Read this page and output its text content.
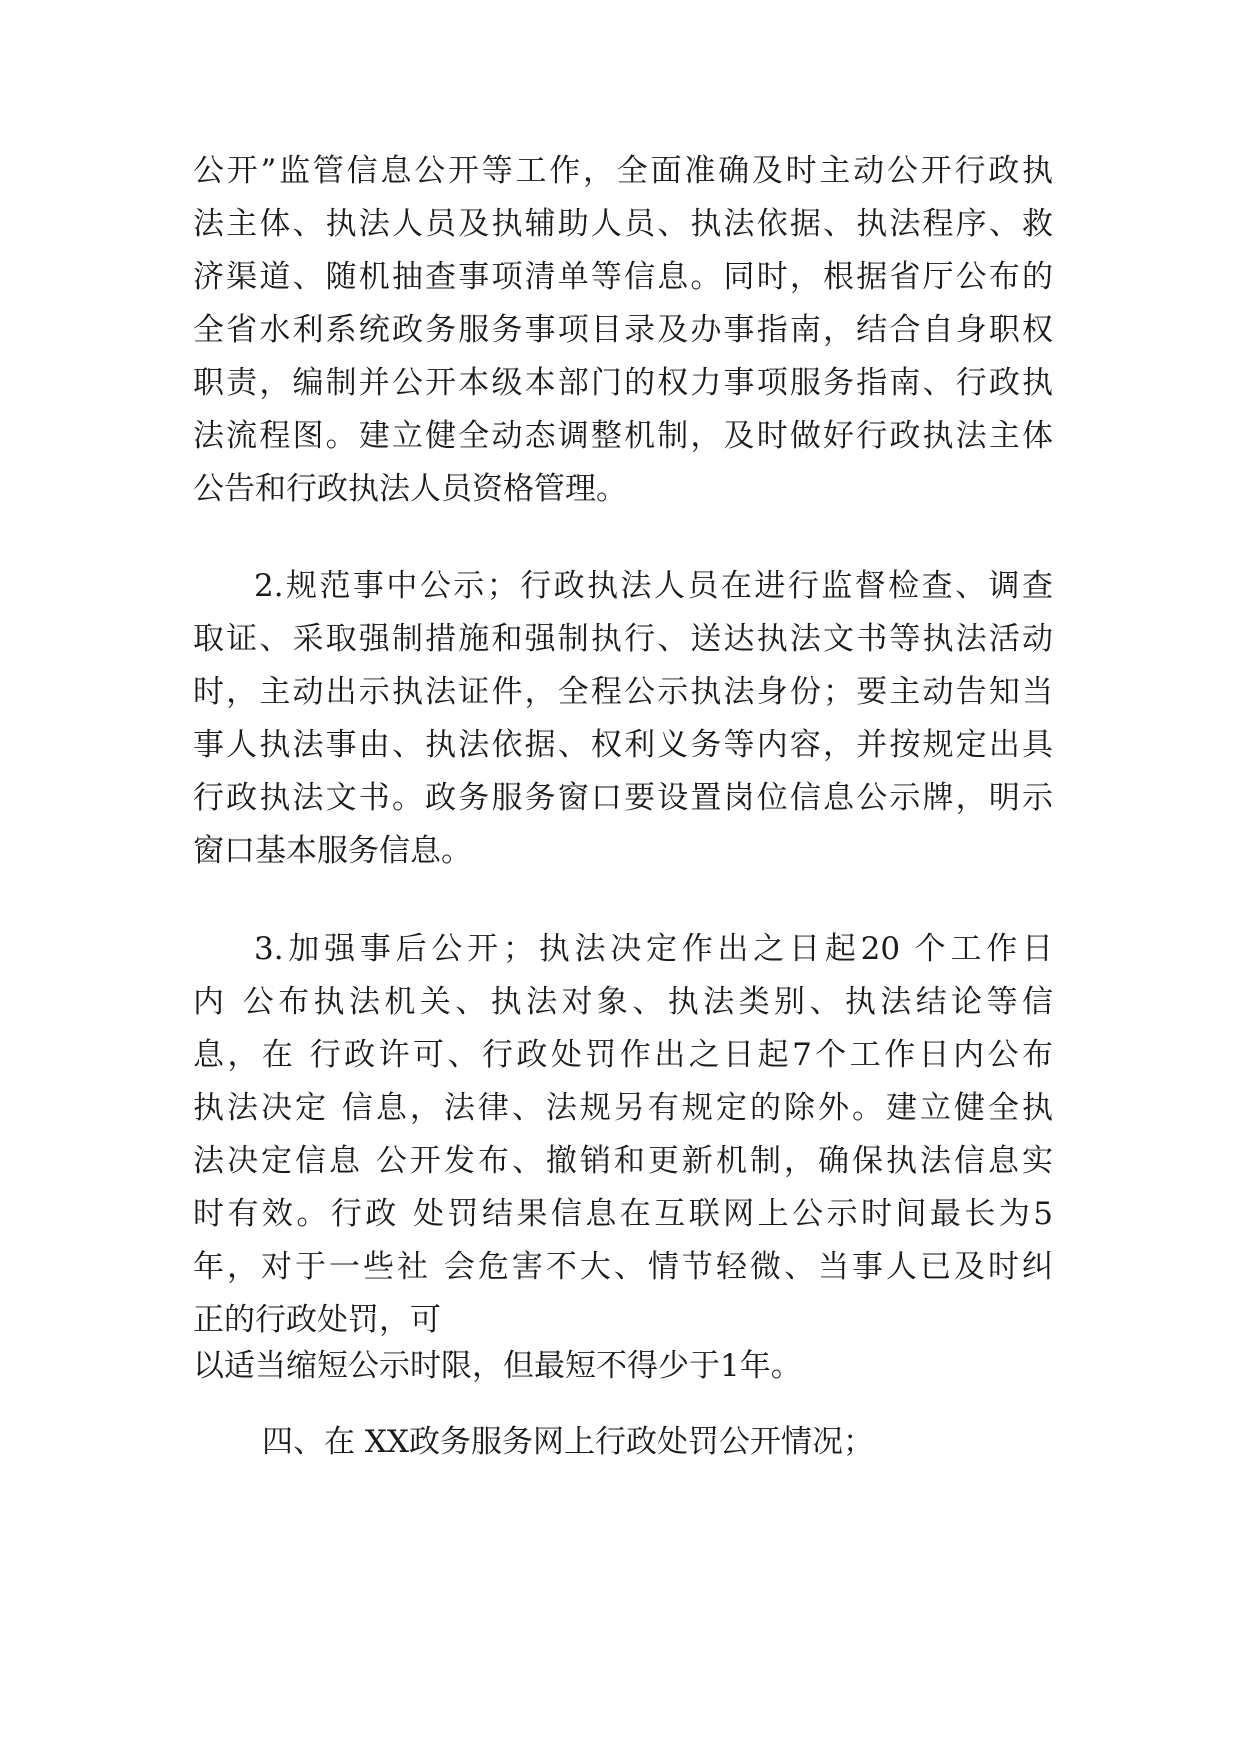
公开”监管信息公开等工作，全面准确及时主动公开行政执

法主体、执法人员及执辅助人员、执法依据、执法程序、救

济渠道、随机抽查事项清单等信息。同时，根据省厅公布的

全省水利系统政务服务事项目录及办事指南，结合自身职权

职责，编制并公开本级本部门的权力事项服务指南、行政执

法流程图。建立健全动态调整机制，及时做好行政执法主体

公告和行政执法人员资格管理。

2.规范事中公示；行政执法人员在进行监督检查、调查

取证、采取强制措施和强制执行、送达执法文书等执法活动

时，主动出示执法证件，全程公示执法身份；要主动告知当

事人执法事由、执法依据、权利义务等内容，并按规定出具

行政执法文书。政务服务窗口要设置岗位信息公示牌，明示

窗口基本服务信息。

3.加强事后公开；执法决定作出之日起20 个工作日

内 公布执法机关、执法对象、执法类别、执法结论等信

息，在 行政许可、行政处罚作出之日起7个工作日内公布

执法决定 信息，法律、法规另有规定的除外。建立健全执

法决定信息 公开发布、撤销和更新机制，确保执法信息实

时有效。行政 处罚结果信息在互联网上公示时间最长为5

年，对于一些社 会危害不大、情节轻微、当事人已及时纠

正的行政处罚，可

以适当缩短公示时限，但最短不得少于1年。

四、在 XX政务服务网上行政处罚公开情况；
